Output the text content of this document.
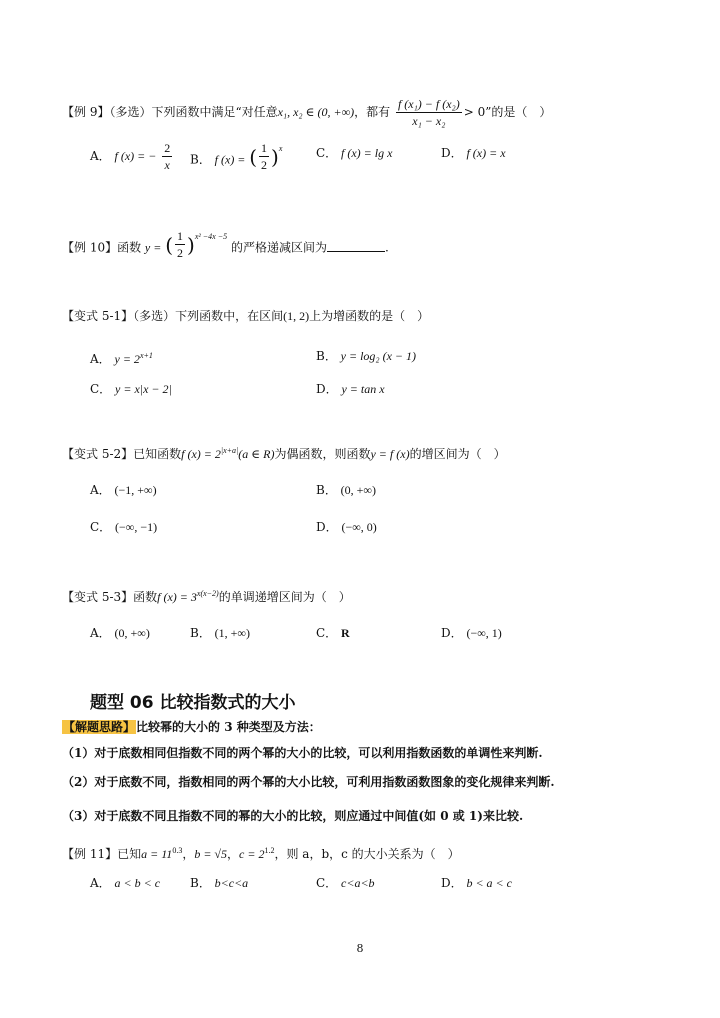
【例 9】（多选）下列函数中满足“对任意x₁, x₂ ∈ (0, +∞)，都有 $\frac{\text{f (x₁) − f (x₂)}}{\text{x₁ − x₂}} > 0$”的是（　）
A． f (x) = − $\frac{2}{x}$ B． f (x) = ( $\frac{1}{2} )^x$	C． f (x) = lg x	D． f (x) = x
【例 10】函数 y = ( $\frac{1}{2} )^{x^2 -4x -5}$
的严格递减区间为	.
【变式 5-1】（多选）下列函数中，在区间(1, 2)上为增函数的是（　）
A． $y = 2^{x+1}$	B． y = log₂ (x − 1)
C． y = x|x − 2|	D． y = tan x
【变式 5-2】已知函数f $(x) = 2^{|x+a|}(a$ ∈ R)为偶函数，则函数y = f (x)的增区间为（　）
A． (−1, +∞)	B． (0, +∞)
C． (−∞, −1)	D． (−∞, 0)
【变式 5-3】函数f $(x) = 3^{x(x-2)}$的单调递增区间为（　）
A． (0, +∞)	B． (1, +∞)	C． R	D． (−∞, 1)
题型 06 比较指数式的大小
【解题思路】比较幂的大小的 3 种类型及方法：
（1）对于底数相同但指数不同的两个幂的大小的比较，可以利用指数函数的单调性来判断.
（2）对于底数不同，指数相同的两个幂的大小比较，可利用指数函数图象的变化规律来判断.
（3）对于底数不同且指数不同的幂的大小的比较，则应通过中间值(如 0 或 1)来比较.
【例 11】已知$a = 11^{0.3}$，b = √5，$c = 2^{1.2}$，则 a，b，c 的大小关系为（　）
A． a < b < c B． b<c<a	C． c<a<b	D． b < a < c
8
